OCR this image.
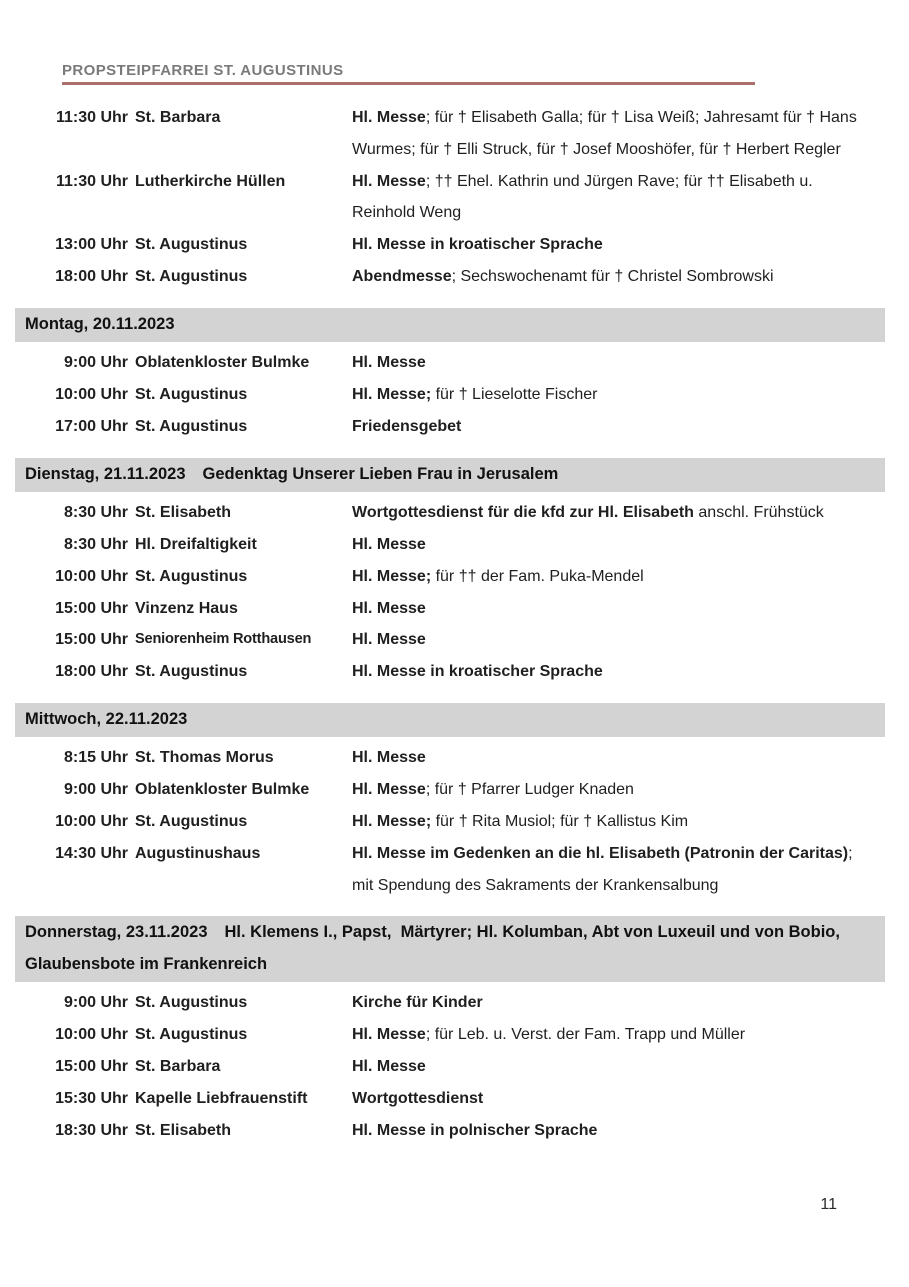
PROPSTEIPFARREI ST. AUGUSTINUS
11:30 Uhr St. Barbara	Hl. Messe; für † Elisabeth Galla; für † Lisa Weiß; Jahresamt für † Hans Wurmes; für † Elli Struck, für † Josef Mooshöfer, für † Herbert Regler
11:30 Uhr Lutherkirche Hüllen	Hl. Messe; †† Ehel. Kathrin und Jürgen Rave; für †† Elisabeth u. Reinhold Weng
13:00 Uhr St. Augustinus	Hl. Messe in kroatischer Sprache
18:00 Uhr St. Augustinus	Abendmesse; Sechswochenamt für † Christel Sombrowski
Montag, 20.11.2023
9:00 Uhr Oblatenkloster Bulmke	Hl. Messe
10:00 Uhr St. Augustinus	Hl. Messe; für † Lieselotte Fischer
17:00 Uhr St. Augustinus	Friedensgebet
Dienstag, 21.11.2023 Gedenktag Unserer Lieben Frau in Jerusalem
8:30 Uhr St. Elisabeth	Wortgottesdienst für die kfd zur Hl. Elisabeth anschl. Frühstück
8:30 Uhr Hl. Dreifaltigkeit	Hl. Messe
10:00 Uhr St. Augustinus	Hl. Messe; für †† der Fam. Puka-Mendel
15:00 Uhr Vinzenz Haus	Hl. Messe
15:00 Uhr Seniorenheim Rotthausen	Hl. Messe
18:00 Uhr St. Augustinus	Hl. Messe in kroatischer Sprache
Mittwoch, 22.11.2023
8:15 Uhr St. Thomas Morus	Hl. Messe
9:00 Uhr Oblatenkloster Bulmke	Hl. Messe; für † Pfarrer Ludger Knaden
10:00 Uhr St. Augustinus	Hl. Messe; für † Rita Musiol; für † Kallistus Kim
14:30 Uhr Augustinushaus	Hl. Messe im Gedenken an die hl. Elisabeth (Patronin der Caritas); mit Spendung des Sakraments der Krankensalbung
Donnerstag, 23.11.2023 Hl. Klemens I., Papst,  Märtyrer; Hl. Kolumban, Abt von Luxeuil und von Bobio, Glaubensbote im Frankenreich
9:00 Uhr St. Augustinus	Kirche für Kinder
10:00 Uhr St. Augustinus	Hl. Messe; für Leb. u. Verst. der Fam. Trapp und Müller
15:00 Uhr St. Barbara	Hl. Messe
15:30 Uhr Kapelle Liebfrauenstift	Wortgottesdienst
18:30 Uhr St. Elisabeth	Hl. Messe in polnischer Sprache
11
